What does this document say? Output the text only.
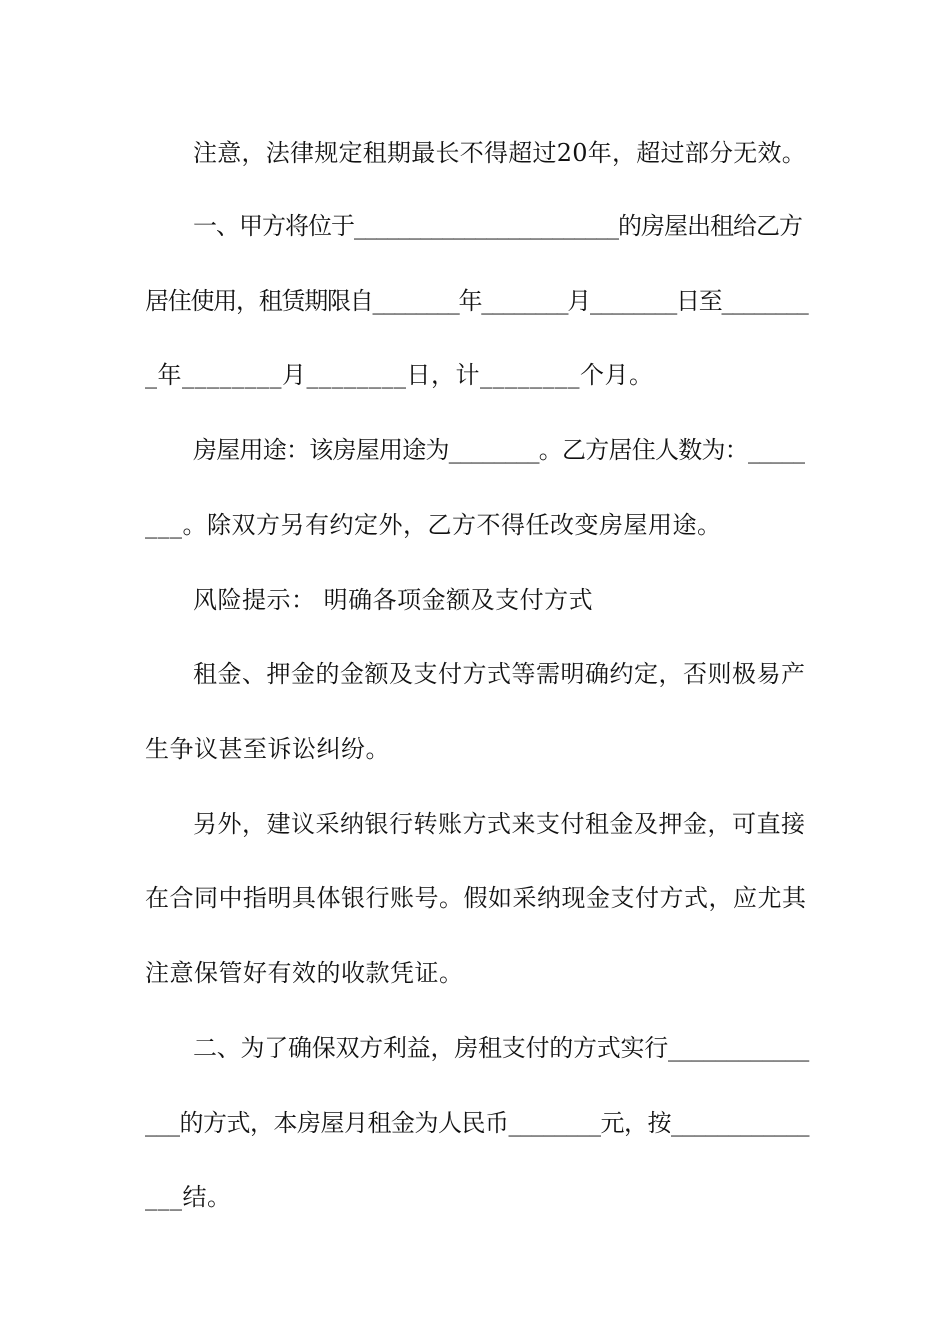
注意，法律规定租期最长不得超过20年，超过部分无效。
一、甲方将位于________________________的房屋出租给乙方
居住使用，租赁期限自________年________月________日至________
_年________月________日，计________个月。
房屋用途：该房屋用途为________。乙方居住人数为：_____
___。除双方另有约定外，乙方不得任改变房屋用途。
风险提示： 明确各项金额及支付方式
租金、押金的金额及支付方式等需明确约定，否则极易产
生争议甚至诉讼纠纷。
另外，建议采纳银行转账方式来支付租金及押金，可直接
在合同中指明具体银行账号。假如采纳现金支付方式，应尤其
注意保管好有效的收款凭证。
二、为了确保双方利益，房租支付的方式实行____________
___的方式，本房屋月租金为人民币________元，按____________
___结。
